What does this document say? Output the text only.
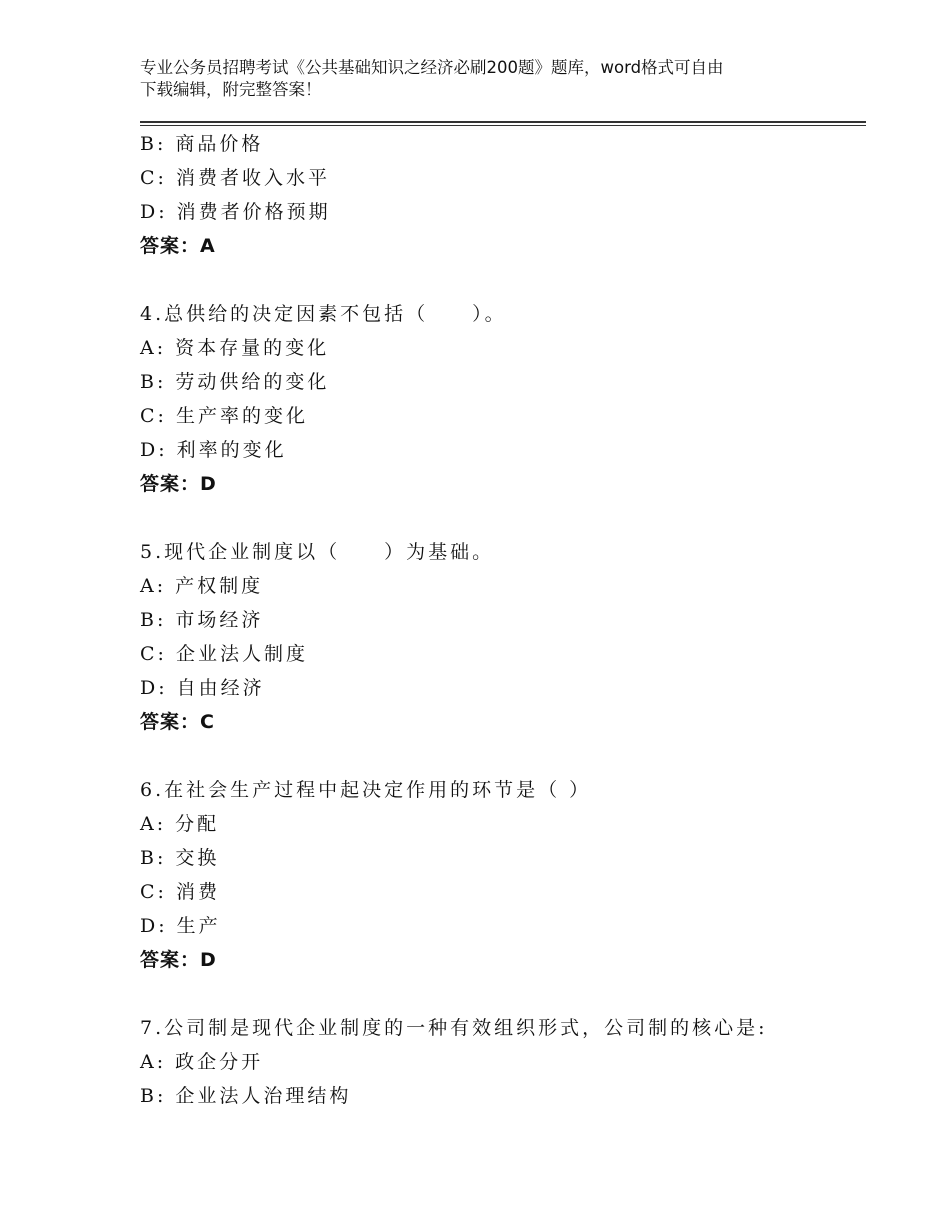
专业公务员招聘考试《公共基础知识之经济必刷200题》题库，word格式可自由
下载编辑，附完整答案！
B: 商品价格
C: 消费者收入水平
D: 消费者价格预期
答案：A
4.总供给的决定因素不包括（　　）。
A: 资本存量的变化
B: 劳动供给的变化
C: 生产率的变化
D: 利率的变化
答案：D
5.现代企业制度以（　　）为基础。
A: 产权制度
B: 市场经济
C: 企业法人制度
D: 自由经济
答案：C
6.在社会生产过程中起决定作用的环节是（ ）
A: 分配
B: 交换
C: 消费
D: 生产
答案：D
7.公司制是现代企业制度的一种有效组织形式，公司制的核心是:
A: 政企分开
B: 企业法人治理结构
